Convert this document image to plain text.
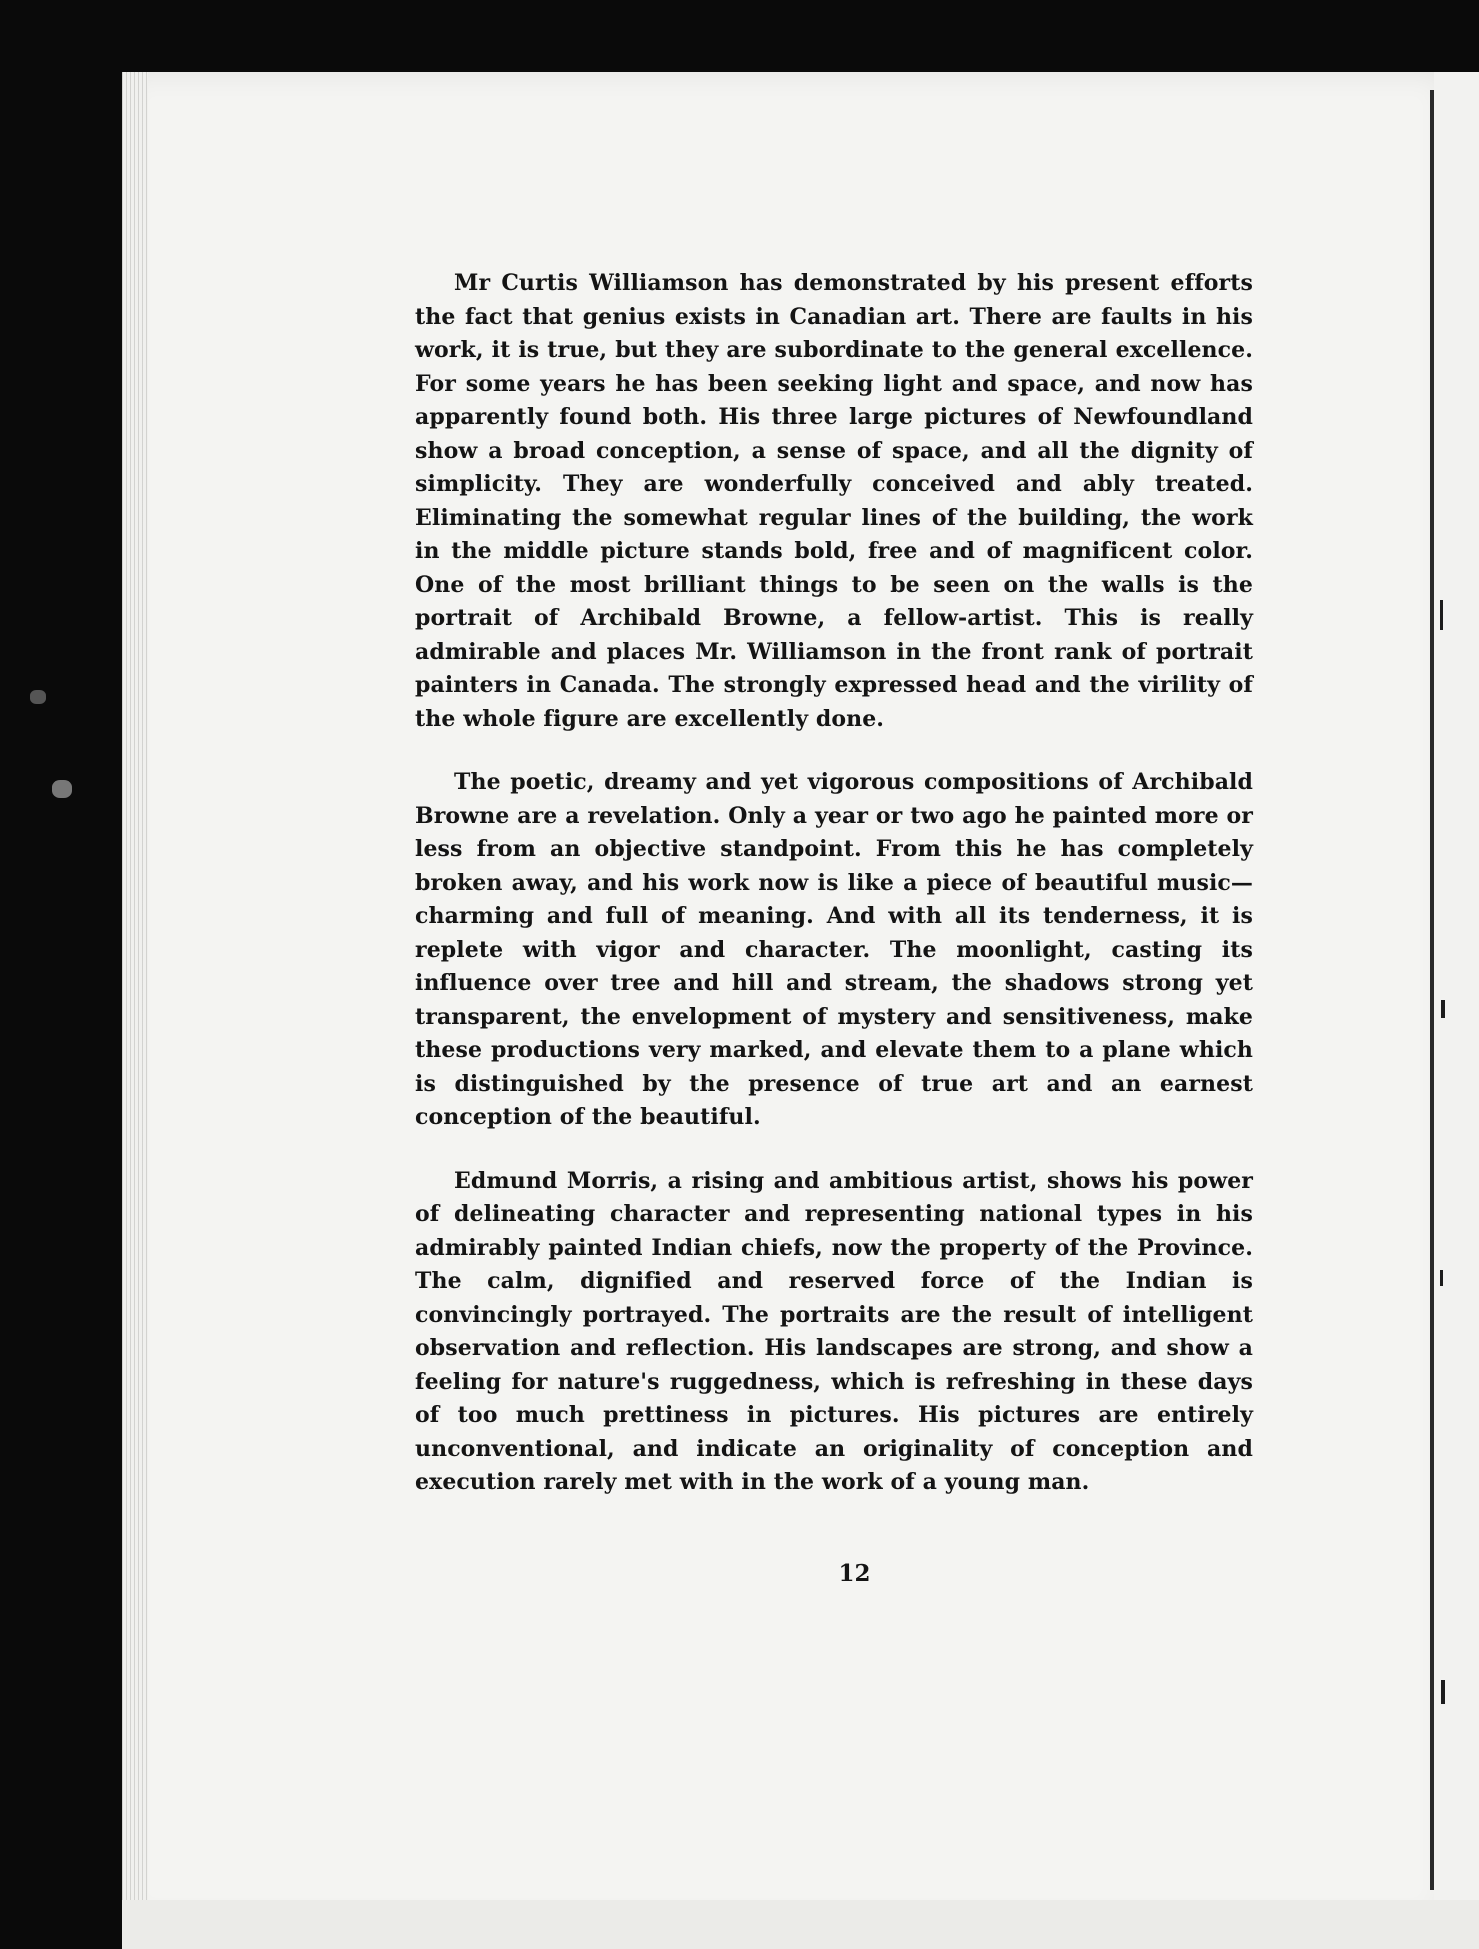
Mr Curtis Williamson has demonstrated by his present efforts the fact that genius exists in Canadian art. There are faults in his work, it is true, but they are subordinate to the general excellence. For some years he has been seeking light and space, and now has apparently found both. His three large pictures of Newfoundland show a broad conception, a sense of space, and all the dignity of simplicity. They are wonderfully conceived and ably treated. Eliminating the somewhat regular lines of the building, the work in the middle picture stands bold, free and of magnificent color. One of the most brilliant things to be seen on the walls is the portrait of Archibald Browne, a fellow-artist. This is really admirable and places Mr. Williamson in the front rank of portrait painters in Canada. The strongly expressed head and the virility of the whole figure are excellently done.

The poetic, dreamy and yet vigorous compositions of Archibald Browne are a revelation. Only a year or two ago he painted more or less from an objective standpoint. From this he has completely broken away, and his work now is like a piece of beautiful music—charming and full of meaning. And with all its tenderness, it is replete with vigor and character. The moonlight, casting its influence over tree and hill and stream, the shadows strong yet transparent, the envelopment of mystery and sensitiveness, make these productions very marked, and elevate them to a plane which is distinguished by the presence of true art and an earnest conception of the beautiful.

Edmund Morris, a rising and ambitious artist, shows his power of delineating character and representing national types in his admirably painted Indian chiefs, now the property of the Province. The calm, dignified and reserved force of the Indian is convincingly portrayed. The portraits are the result of intelligent observation and reflection. His landscapes are strong, and show a feeling for nature's ruggedness, which is refreshing in these days of too much prettiness in pictures. His pictures are entirely unconventional, and indicate an originality of conception and execution rarely met with in the work of a young man.

12
